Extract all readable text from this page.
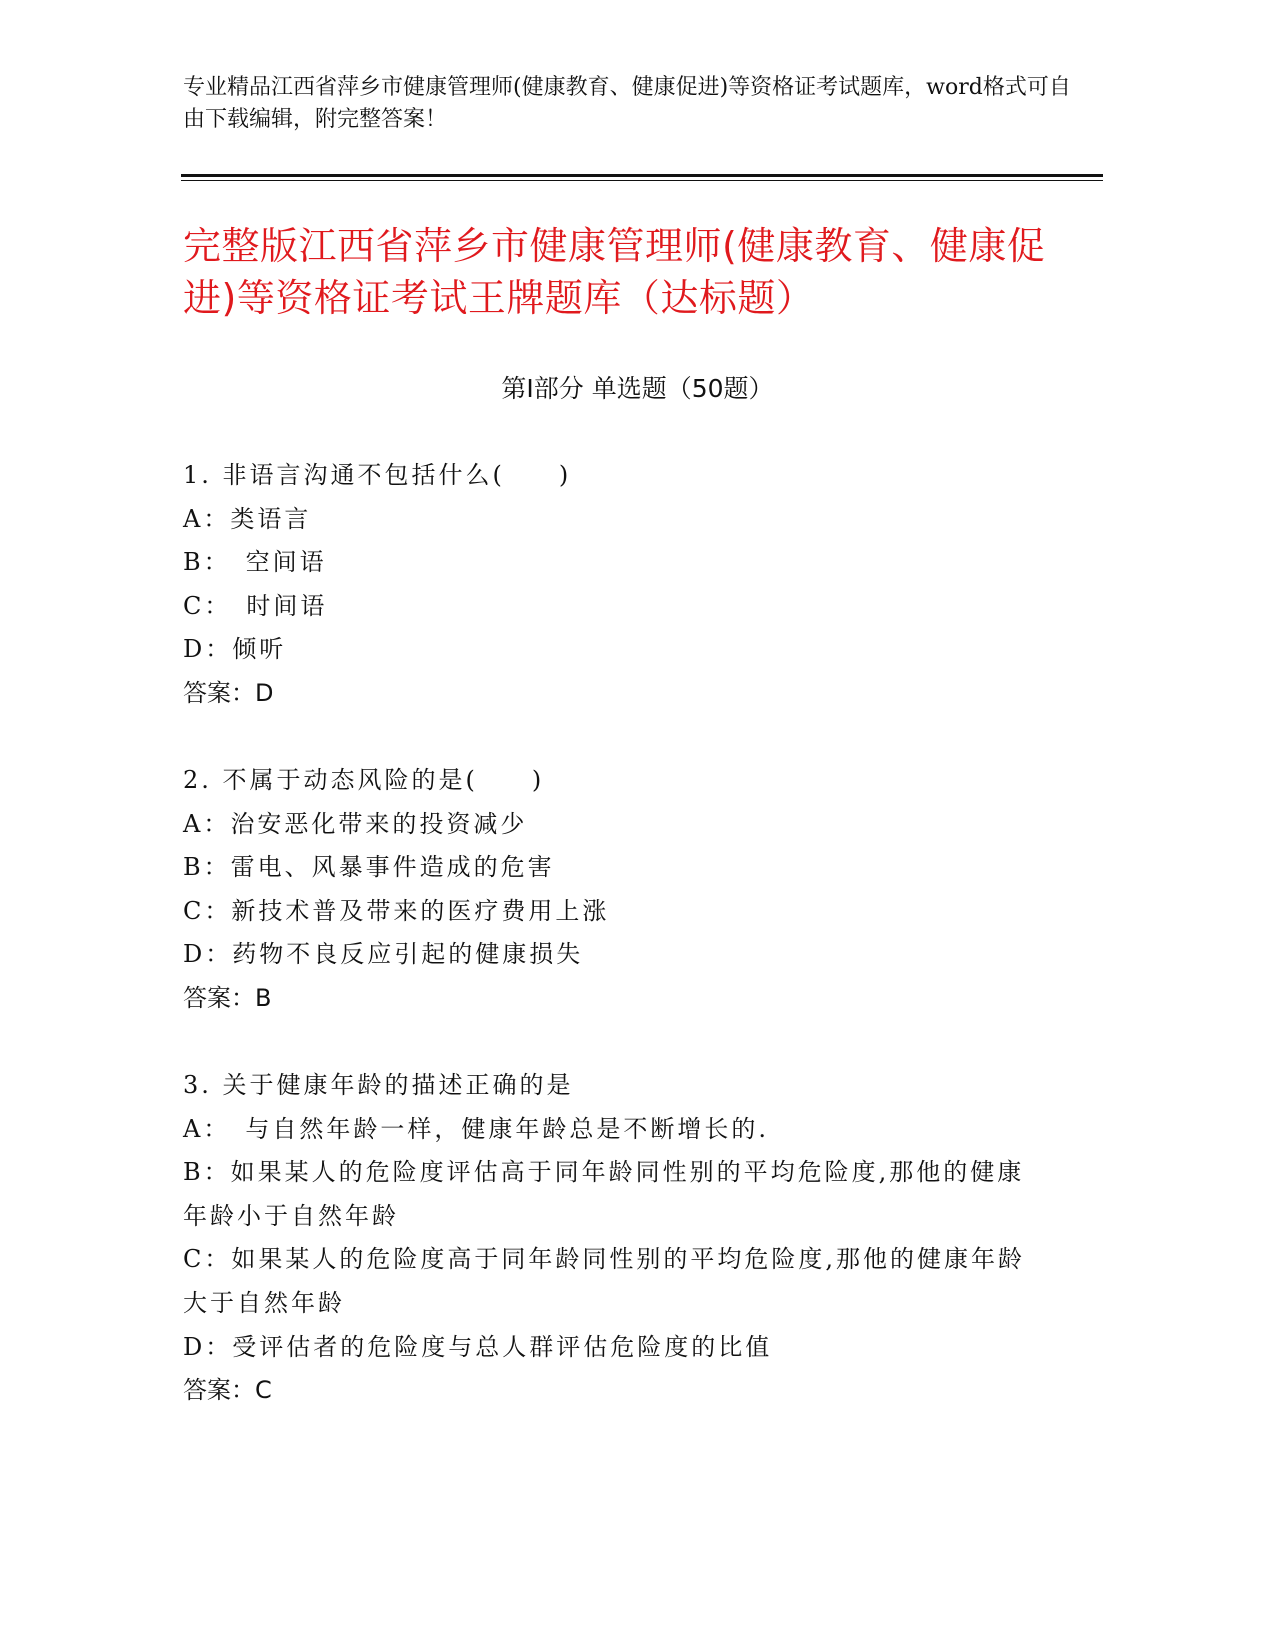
专业精品江西省萍乡市健康管理师(健康教育、健康促进)等资格证考试题库，word格式可自由下载编辑，附完整答案！
完整版江西省萍乡市健康管理师(健康教育、健康促进)等资格证考试王牌题库（达标题）
第Ⅰ部分 单选题（50题）
1. 非语言沟通不包括什么(　　)
A：类语言
B：　空间语
C：　时间语
D：倾听
答案：D
2. 不属于动态风险的是(　　)
A：治安恶化带来的投资减少
B：雷电、风暴事件造成的危害
C：新技术普及带来的医疗费用上涨
D：药物不良反应引起的健康损失
答案：B
3. 关于健康年龄的描述正确的是
A：　与自然年龄一样，健康年龄总是不断增长的.
B：如果某人的危险度评估高于同年龄同性别的平均危险度,那他的健康年龄小于自然年龄
C：如果某人的危险度高于同年龄同性别的平均危险度,那他的健康年龄大于自然年龄
D：受评估者的危险度与总人群评估危险度的比值
答案：C
